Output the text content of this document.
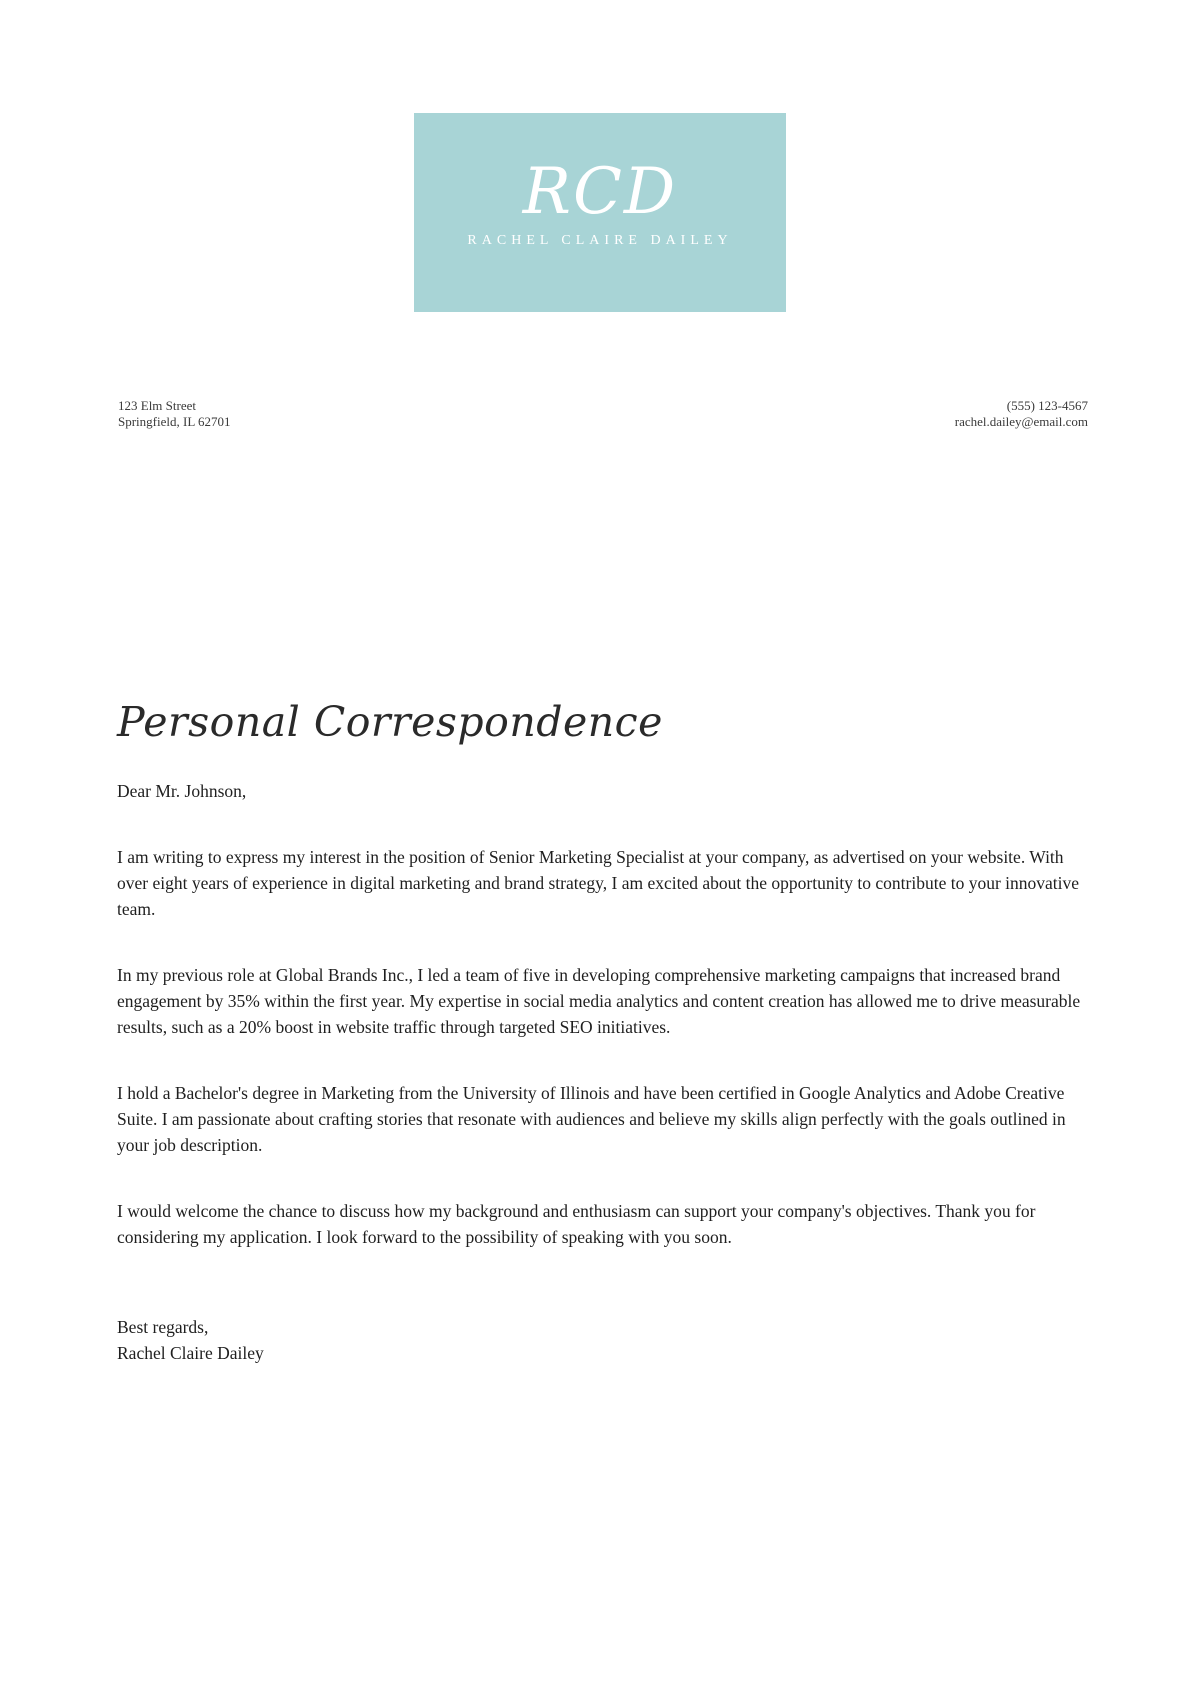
RCD
RACHEL CLAIRE DAILEY
123 Elm Street
Springfield, IL 62701
(555) 123-4567
rachel.dailey@email.com
Personal Correspondence

Dear Mr. Johnson,

I am writing to express my interest in the position of Senior Marketing Specialist at your company, as advertised on your website. With over eight years of experience in digital marketing and brand strategy, I am excited about the opportunity to contribute to your innovative team.

In my previous role at Global Brands Inc., I led a team of five in developing comprehensive marketing campaigns that increased brand engagement by 35% within the first year. My expertise in social media analytics and content creation has allowed me to drive measurable results, such as a 20% boost in website traffic through targeted SEO initiatives.

I hold a Bachelor's degree in Marketing from the University of Illinois and have been certified in Google Analytics and Adobe Creative Suite. I am passionate about crafting stories that resonate with audiences and believe my skills align perfectly with the goals outlined in your job description.

I would welcome the chance to discuss how my background and enthusiasm can support your company's objectives. Thank you for considering my application. I look forward to the possibility of speaking with you soon.

Best regards,
Rachel Claire Dailey
